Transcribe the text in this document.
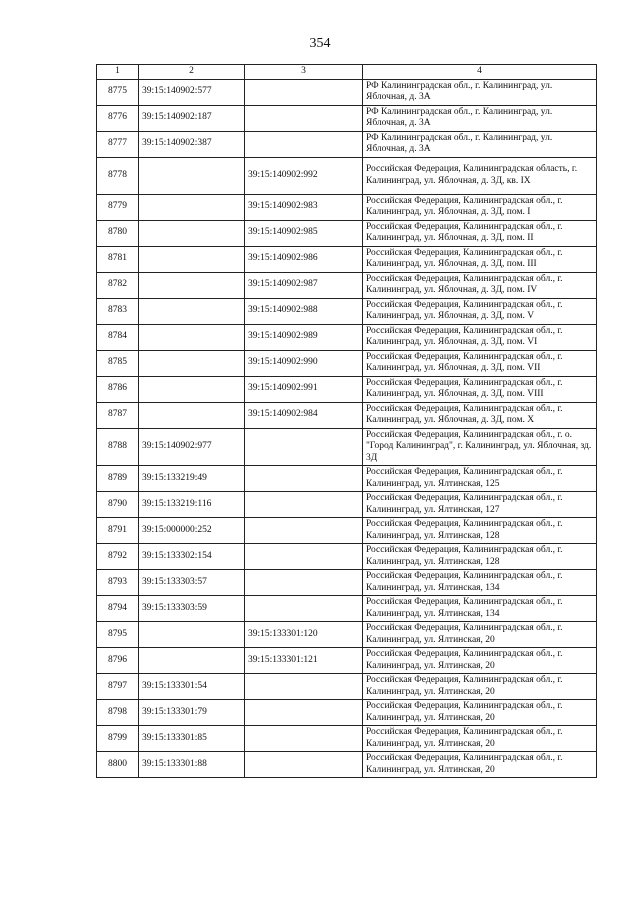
354
1	2	3	4
8775	39:15:140902:577		РФ Калининградская обл., г. Калининград, ул. Яблочная, д. 3А
8776	39:15:140902:187		РФ Калининградская обл., г. Калининград, ул. Яблочная, д. 3А
8777	39:15:140902:387		РФ Калининградская обл., г. Калининград, ул. Яблочная, д. 3А
8778		39:15:140902:992	Российская Федерация, Калининградская область, г. Калининград, ул. Яблочная, д. 3Д, кв. IX
8779		39:15:140902:983	Российская Федерация, Калининградская обл., г. Калининград, ул. Яблочная, д. 3Д, пом. I
8780		39:15:140902:985	Российская Федерация, Калининградская обл., г. Калининград, ул. Яблочная, д. 3Д, пом. II
8781		39:15:140902:986	Российская Федерация, Калининградская обл., г. Калининград, ул. Яблочная, д. 3Д, пом. III
8782		39:15:140902:987	Российская Федерация, Калининградская обл., г. Калининград, ул. Яблочная, д. 3Д, пом. IV
8783		39:15:140902:988	Российская Федерация, Калининградская обл., г. Калининград, ул. Яблочная, д. 3Д, пом. V
8784		39:15:140902:989	Российская Федерация, Калининградская обл., г. Калининград, ул. Яблочная, д. 3Д, пом. VI
8785		39:15:140902:990	Российская Федерация, Калининградская обл., г. Калининград, ул. Яблочная, д. 3Д, пом. VII
8786		39:15:140902:991	Российская Федерация, Калининградская обл., г. Калининград, ул. Яблочная, д. 3Д, пом. VIII
8787		39:15:140902:984	Российская Федерация, Калининградская обл., г. Калининград, ул. Яблочная, д. 3Д, пом. X
8788	39:15:140902:977		Российская Федерация, Калининградская обл., г. о. "Город Калининград", г. Калининград, ул. Яблочная, зд. 3Д
8789	39:15:133219:49		Российская Федерация, Калининградская обл., г. Калининград, ул. Ялтинская, 125
8790	39:15:133219:116		Российская Федерация, Калининградская обл., г. Калининград, ул. Ялтинская, 127
8791	39:15:000000:252		Российская Федерация, Калининградская обл., г. Калининград, ул. Ялтинская, 128
8792	39:15:133302:154		Российская Федерация, Калининградская обл., г. Калининград, ул. Ялтинская, 128
8793	39:15:133303:57		Российская Федерация, Калининградская обл., г. Калининград, ул. Ялтинская, 134
8794	39:15:133303:59		Российская Федерация, Калининградская обл., г. Калининград, ул. Ялтинская, 134
8795		39:15:133301:120	Российская Федерация, Калининградская обл., г. Калининград, ул. Ялтинская, 20
8796		39:15:133301:121	Российская Федерация, Калининградская обл., г. Калининград, ул. Ялтинская, 20
8797	39:15:133301:54		Российская Федерация, Калининградская обл., г. Калининград, ул. Ялтинская, 20
8798	39:15:133301:79		Российская Федерация, Калининградская обл., г. Калининград, ул. Ялтинская, 20
8799	39:15:133301:85		Российская Федерация, Калининградская обл., г. Калининград, ул. Ялтинская, 20
8800	39:15:133301:88		Российская Федерация, Калининградская обл., г. Калининград, ул. Ялтинская, 20
